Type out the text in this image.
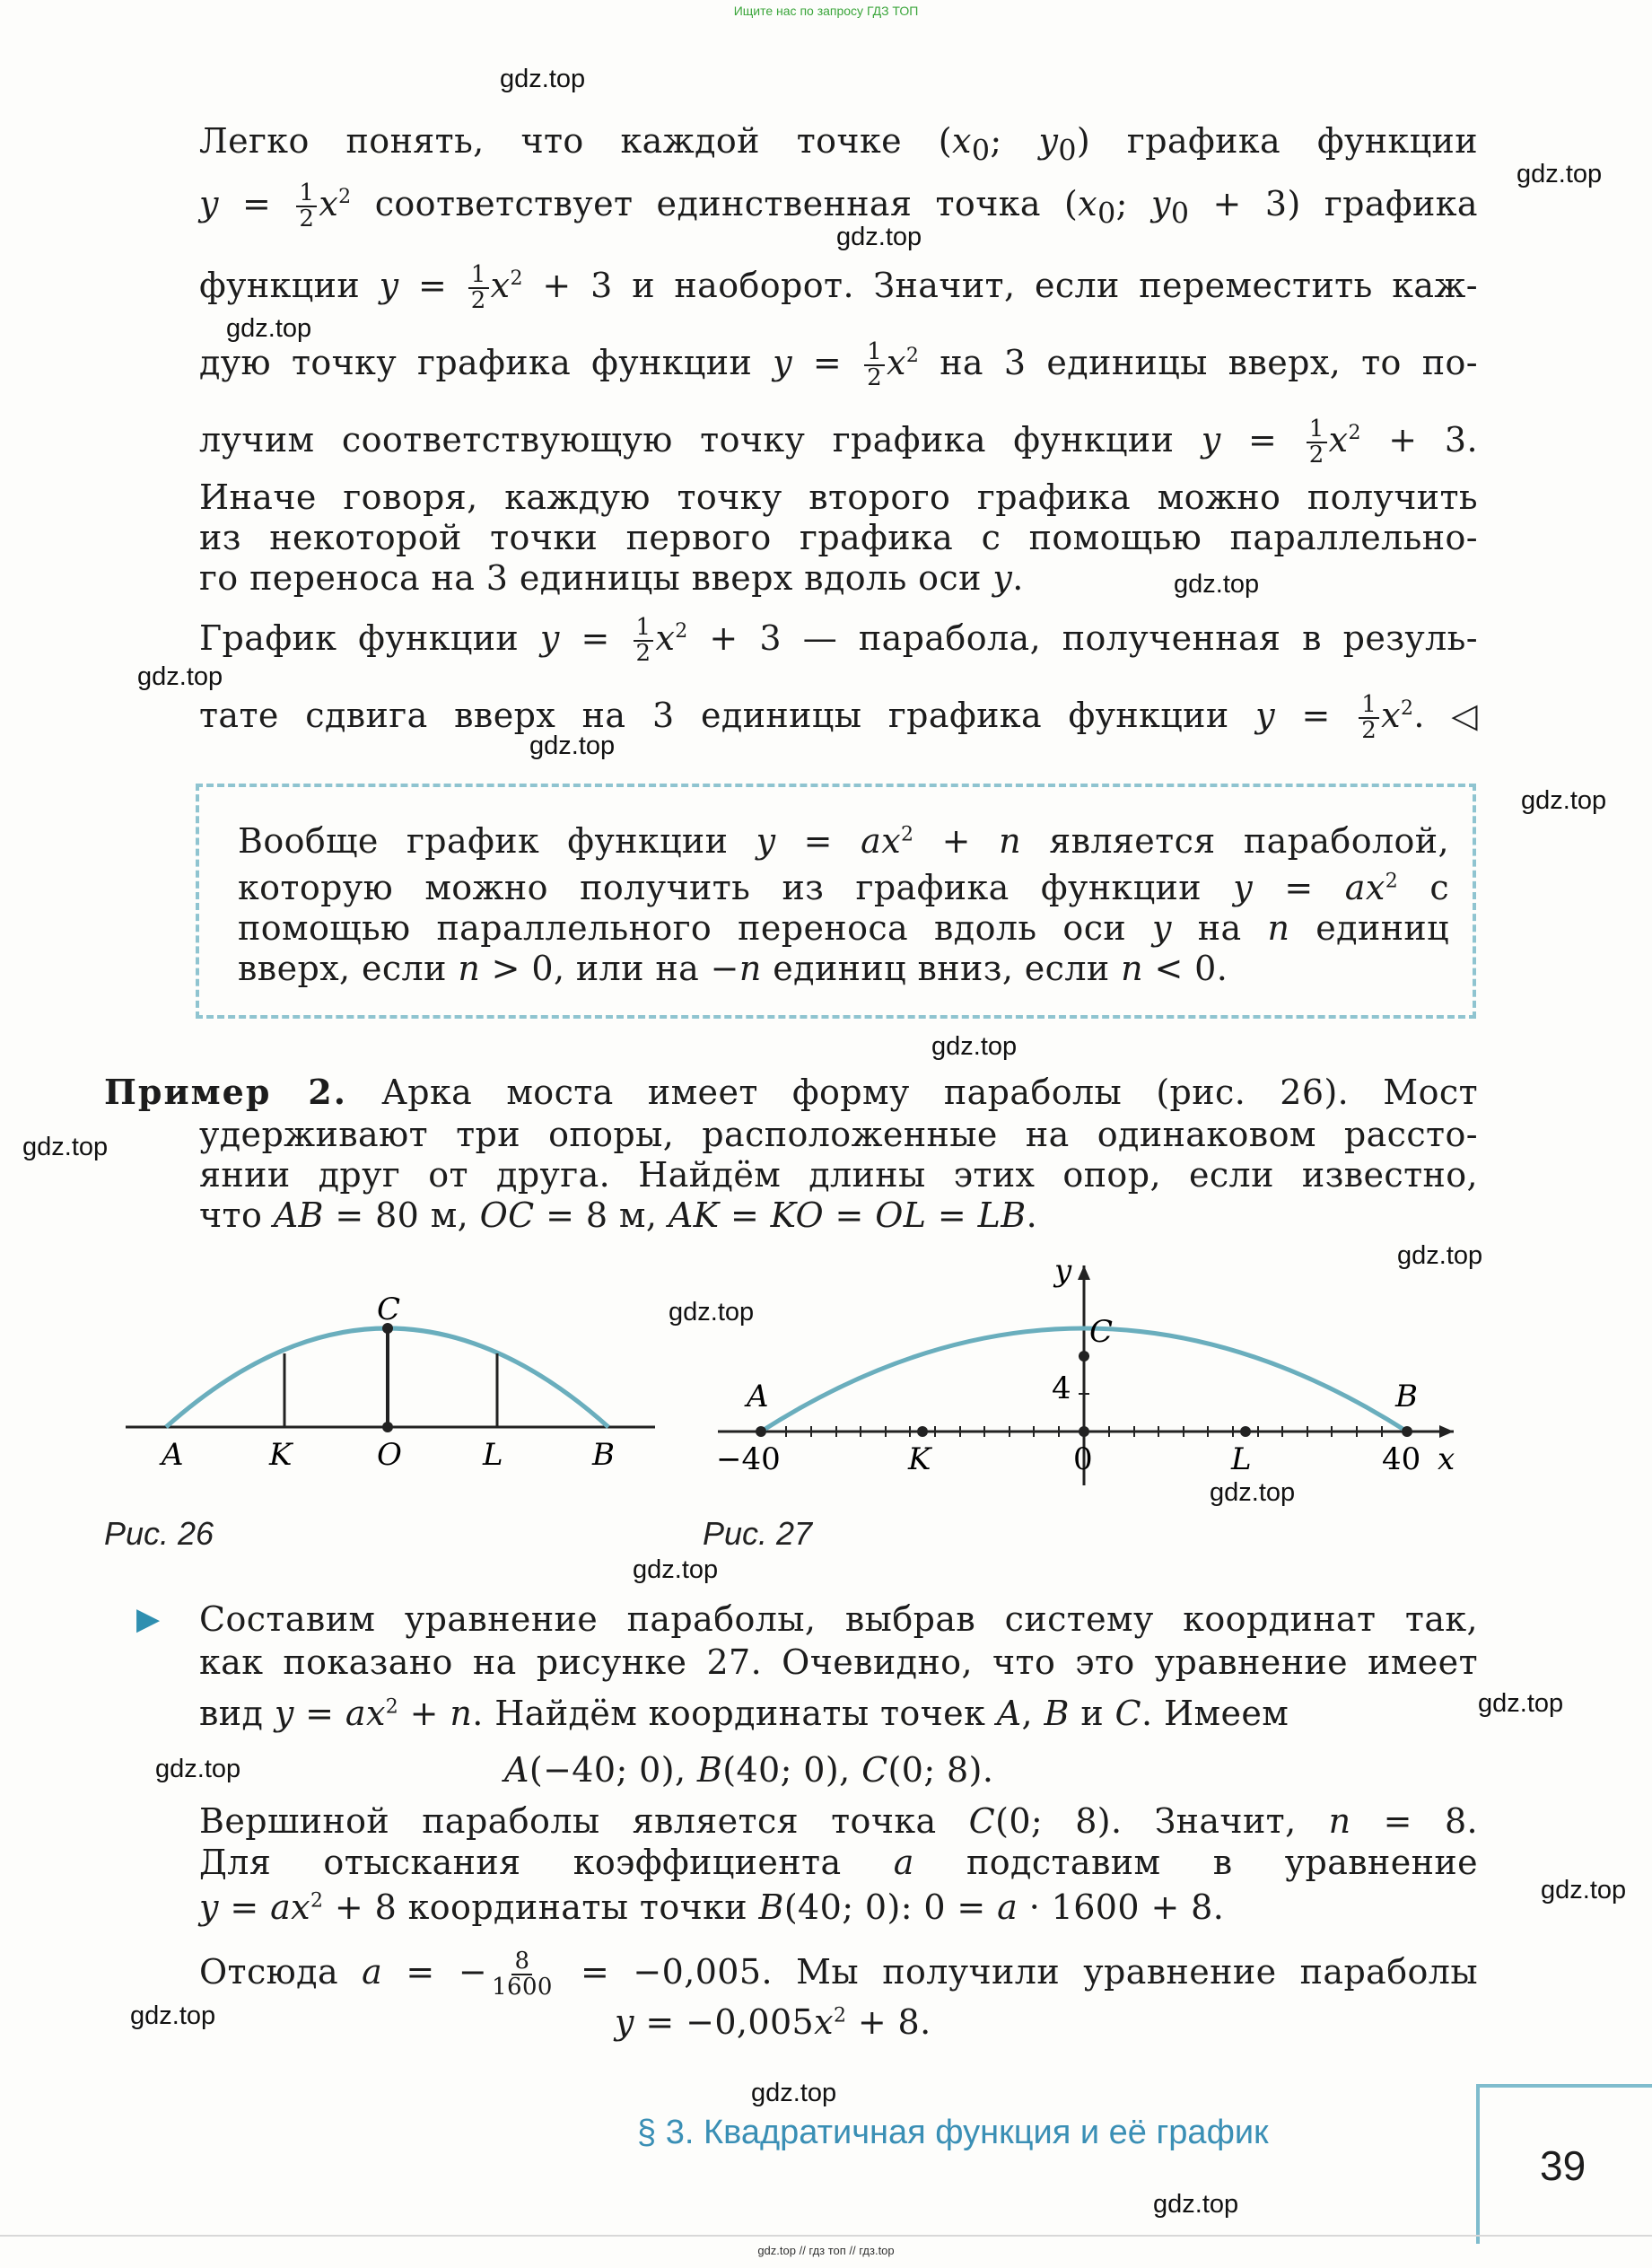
Ищите нас по запросу ГДЗ ТОП
gdz.top
gdz.top
gdz.top
gdz.top
gdz.top
gdz.top
gdz.top
gdz.top
gdz.top
gdz.top
gdz.top
gdz.top
gdz.top
gdz.top
gdz.top
gdz.top
gdz.top
gdz.top
gdz.top
gdz.top
Легко понять, что каждой точке ($x_0$; $y_0$) графика функции
$y = \frac{1}{2} x^2$ соответствует единственная точка ($x_0$; $y_0 + 3$) графика
функции $y = \frac{1}{2} x^2 + 3$ и наоборот. Значит, если переместить каж-
дую точку графика функции $y = \frac{1}{2} x^2$ на 3 единицы вверх, то по-
лучим соответствующую точку графика функции $y = \frac{1}{2} x^2 + 3$.
Иначе говоря, каждую точку второго графика можно получить
из некоторой точки первого графика с помощью параллельно-
го переноса на 3 единицы вверх вдоль оси y.
График функции $y = \frac{1}{2} x^2 + 3$ — парабола, полученная в резуль-
тате сдвига вверх на 3 единицы графика функции $y = \frac{1}{2} x^2$. ◁
Вообще график функции $y = ax^2 + n$ является параболой,
которую можно получить из графика функции $y = ax^2$ с
помощью параллельного переноса вдоль оси y на n единиц
вверх, если n > 0, или на −n единиц вниз, если n < 0.
Пример 2. Арка моста имеет форму параболы (рис. 26). Мост
удерживают три опоры, расположенные на одинаковом рассто-
янии друг от друга. Найдём длины этих опор, если известно,
что AB = 80 м, OC = 8 м, AK = KO = OL = LB.
A	K	O	L	B
C
Рис. 26
y
x
A	B
C
K	L
−40	0	40
4
Рис. 27
▶ Составим уравнение параболы, выбрав систему координат так,
как показано на рисунке 27. Очевидно, что это уравнение имеет
вид $y = ax^2 + n$. Найдём координаты точек A, B и C. Имеем
A(−40; 0), B(40; 0), C(0; 8).
Вершиной параболы является точка C(0; 8). Значит, n = 8.
Для отыскания коэффициента a подставим в уравнение
$y = ax^2 + 8$ координаты точки B(40; 0): 0 = a · 1600 + 8.
Отсюда a = − $\frac{8}{1600} = -0,005$. Мы получили уравнение параболы
$y = -0,005x^2 + 8$.
§ 3. Квадратичная функция и её график
39
gdz.top // гдз топ // гдз.top
